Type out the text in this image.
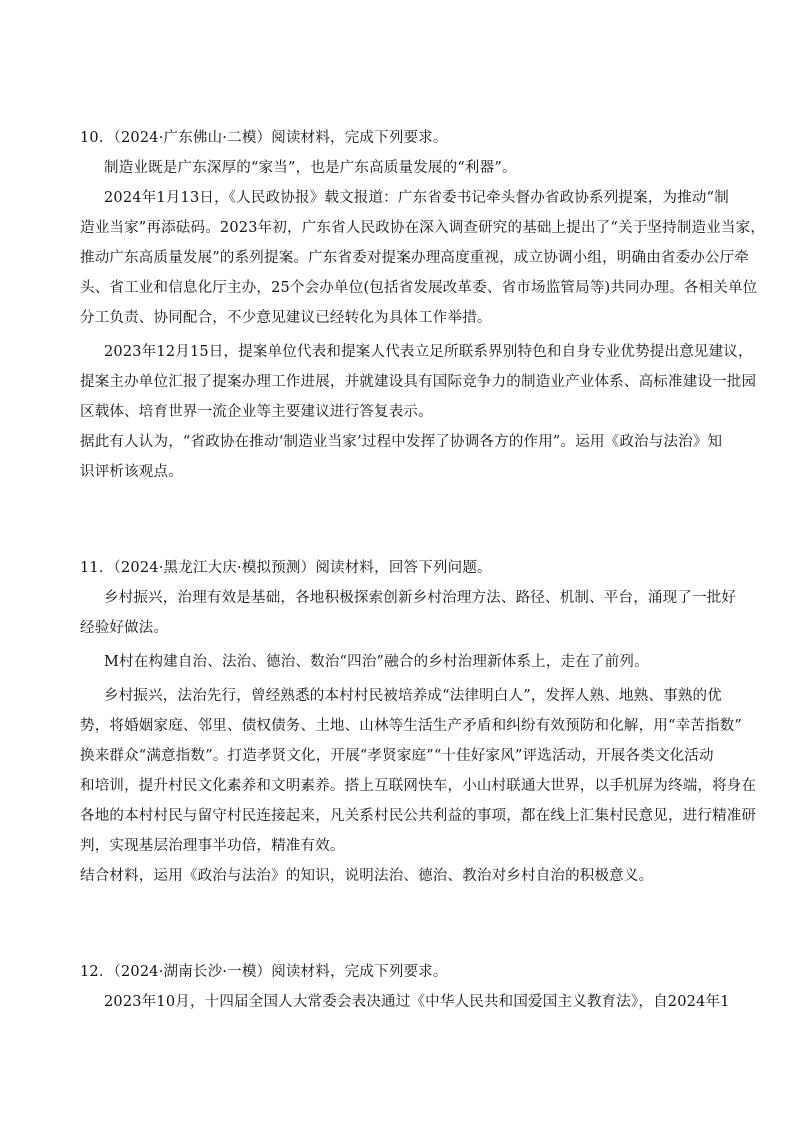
10．（2024·广东佛山·二模）阅读材料，完成下列要求。
制造业既是广东深厚的“家当”，也是广东高质量发展的“利器”。
2024年1月13日，《人民政协报》载文报道：广东省委书记牵头督办省政协系列提案，为推动“制
造业当家”再添砝码。2023年初，广东省人民政协在深入调查研究的基础上提出了“关于坚持制造业当家，
推动广东高质量发展”的系列提案。广东省委对提案办理高度重视，成立协调小组，明确由省委办公厅牵
头、省工业和信息化厅主办，25个会办单位(包括省发展改革委、省市场监管局等)共同办理。各相关单位
分工负责、协同配合，不少意见建议已经转化为具体工作举措。
2023年12月15日，提案单位代表和提案人代表立足所联系界别特色和自身专业优势提出意见建议，
提案主办单位汇报了提案办理工作进展，并就建设具有国际竞争力的制造业产业体系、高标准建设一批园
区载体、培育世界一流企业等主要建议进行答复表示。
据此有人认为，“省政协在推动‘制造业当家’过程中发挥了协调各方的作用”。运用《政治与法治》知
识评析该观点。
11．（2024·黑龙江大庆·模拟预测）阅读材料，回答下列问题。
乡村振兴，治理有效是基础，各地积极探索创新乡村治理方法、路径、机制、平台，涌现了一批好
经验好做法。
M村在构建自治、法治、德治、数治“四治”融合的乡村治理新体系上，走在了前列。
乡村振兴，法治先行，曾经熟悉的本村村民被培养成“法律明白人”，发挥人熟、地熟、事熟的优
势，将婚姻家庭、邻里、债权债务、土地、山林等生活生产矛盾和纠纷有效预防和化解，用“幸苦指数”
换来群众“满意指数”。打造孝贤文化，开展“孝贤家庭”“十佳好家风”评选活动，开展各类文化活动
和培训，提升村民文化素养和文明素养。搭上互联网快车，小山村联通大世界，以手机屏为终端，将身在
各地的本村村民与留守村民连接起来，凡关系村民公共利益的事项，都在线上汇集村民意见，进行精准研
判，实现基层治理事半功倍，精准有效。
结合材料，运用《政治与法治》的知识，说明法治、德治、教治对乡村自治的积极意义。
12．（2024·湖南长沙·一模）阅读材料，完成下列要求。
2023年10月，十四届全国人大常委会表决通过《中华人民共和国爱国主义教育法》，自2024年1
